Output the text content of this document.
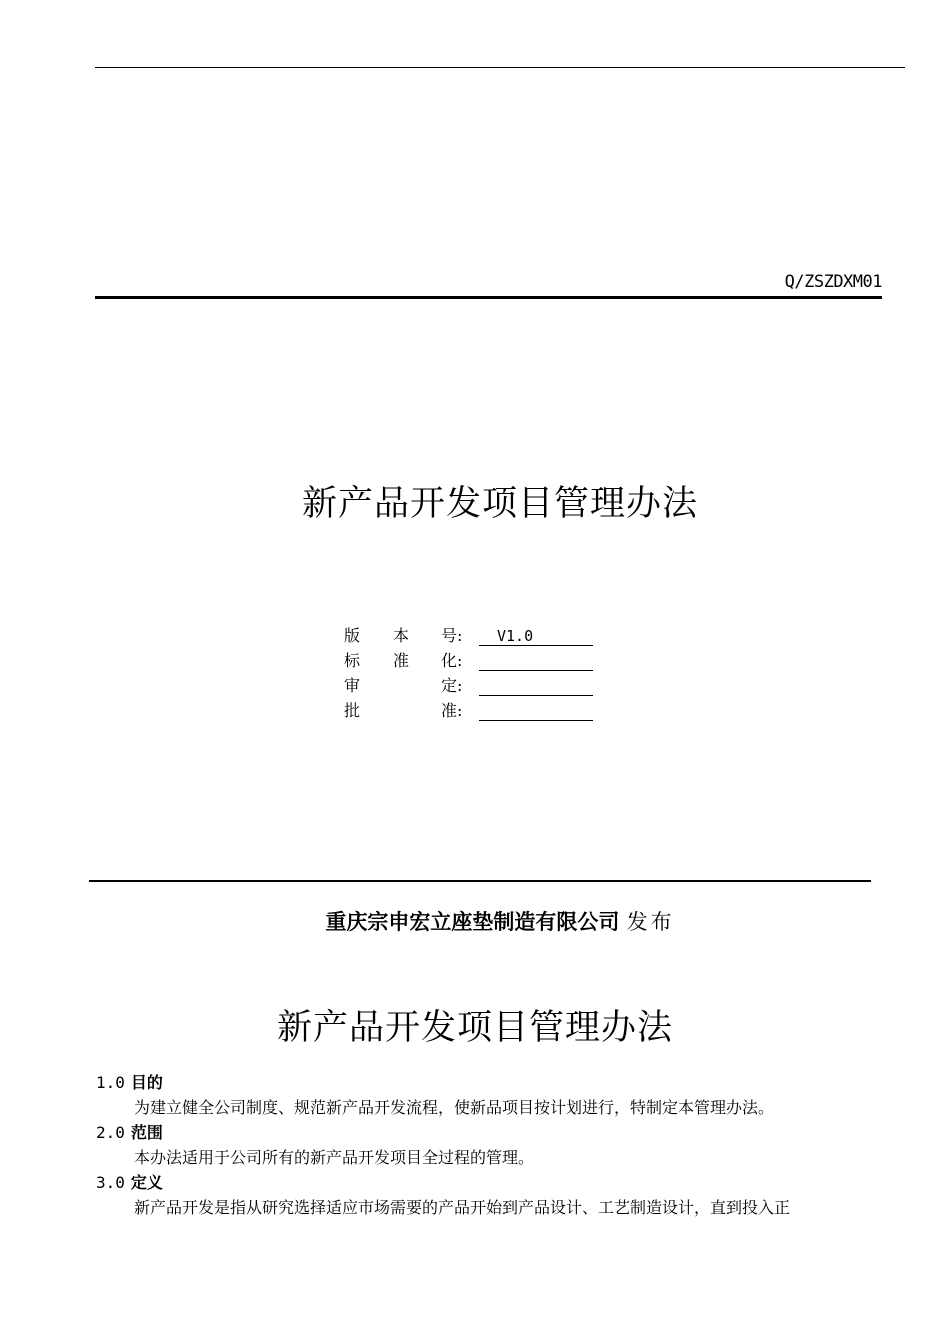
Q/ZSZDXM01
新产品开发项目管理办法
版 本 号:	V1.0
标 准 化:
审	定:
批	准:
重庆宗申宏立座垫制造有限公司 发布
新产品开发项目管理办法
1.0 目的
为建立健全公司制度、规范新产品开发流程，使新品项目按计划进行，特制定本管理办法。
2.0 范围
本办法适用于公司所有的新产品开发项目全过程的管理。
3.0 定义
新产品开发是指从研究选择适应市场需要的产品开始到产品设计、工艺制造设计，直到投入正
